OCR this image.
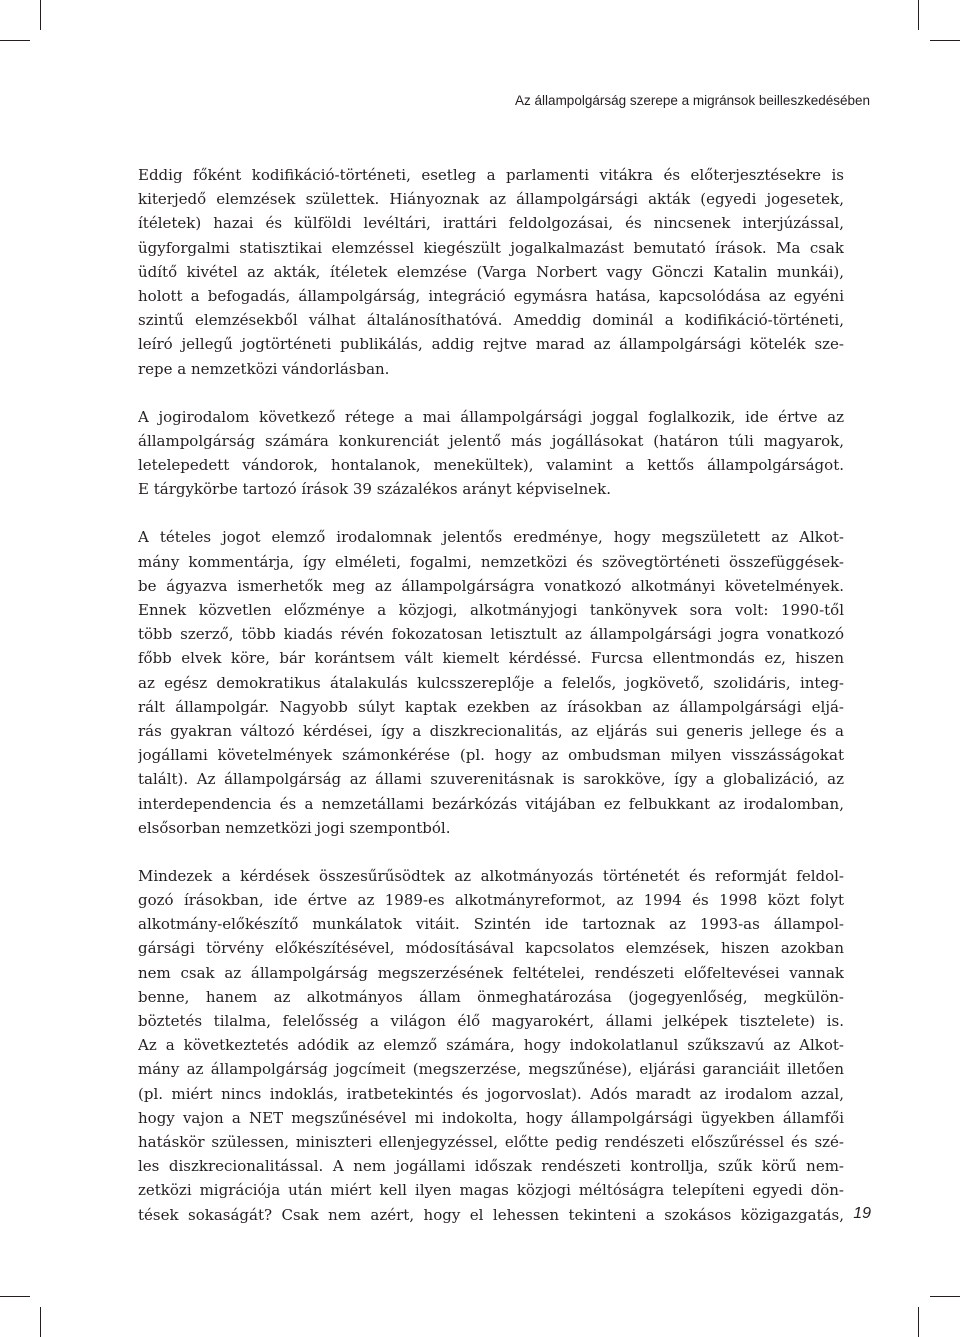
Az állampolgárság szerepe a migránsok beilleszkedésében

Eddig főként kodifikáció-történeti, esetleg a parlamenti vitákra és előterjesztésekre is
kiterjedő elemzések születtek. Hiányoznak az állampolgársági akták (egyedi jogesetek,
ítéletek) hazai és külföldi levéltári, irattári feldolgozásai, és nincsenek interjúzással,
ügyforgalmi statisztikai elemzéssel kiegészült jogalkalmazást bemutató írások. Ma csak
üdítő kivétel az akták, ítéletek elemzése (Varga Norbert vagy Gönczi Katalin munkái),
holott a befogadás, állampolgárság, integráció egymásra hatása, kapcsolódása az egyéni
szintű elemzésekből válhat általánosíthatóvá. Ameddig dominál a kodifikáció-történeti,
leíró jellegű jogtörténeti publikálás, addig rejtve marad az állampolgársági kötelék sze-
repe a nemzetközi vándorlásban.

A jogirodalom következő rétege a mai állampolgársági joggal foglalkozik, ide értve az
állampolgárság számára konkurenciát jelentő más jogállásokat (határon túli magyarok,
letelepedett vándorok, hontalanok, menekültek), valamint a kettős állampolgárságot.
E tárgykörbe tartozó írások 39 százalékos arányt képviselnek.

A tételes jogot elemző irodalomnak jelentős eredménye, hogy megszületett az Alkot-
mány kommentárja, így elméleti, fogalmi, nemzetközi és szövegtörténeti összefüggések-
be ágyazva ismerhetők meg az állampolgárságra vonatkozó alkotmányi követelmények.
Ennek közvetlen előzménye a közjogi, alkotmányjogi tankönyvek sora volt: 1990-től
több szerző, több kiadás révén fokozatosan letisztult az állampolgársági jogra vonatkozó
főbb elvek köre, bár korántsem vált kiemelt kérdéssé. Furcsa ellentmondás ez, hiszen
az egész demokratikus átalakulás kulcsszereplője a felelős, jogkövető, szolidáris, integ-
rált állampolgár. Nagyobb súlyt kaptak ezekben az írásokban az állampolgársági eljá-
rás gyakran változó kérdései, így a diszkrecionalitás, az eljárás sui generis jellege és a
jogállami követelmények számonkérése (pl. hogy az ombudsman milyen visszásságokat
talált). Az állampolgárság az állami szuverenitásnak is sarokköve, így a globalizáció, az
interdependencia és a nemzetállami bezárkózás vitájában ez felbukkant az irodalomban,
elsősorban nemzetközi jogi szempontból.

Mindezek a kérdések összesűrűsödtek az alkotmányozás történetét és reformját feldol-
gozó írásokban, ide értve az 1989-es alkotmányreformot, az 1994 és 1998 közt folyt
alkotmány-előkészítő munkálatok vitáit. Szintén ide tartoznak az 1993-as állampol-
gársági törvény előkészítésével, módosításával kapcsolatos elemzések, hiszen azokban
nem csak az állampolgárság megszerzésének feltételei, rendészeti előfeltevései vannak
benne, hanem az alkotmányos állam önmeghatározása (jogegyenlőség, megkülön-
böztetés tilalma, felelősség a világon élő magyarokért, állami jelképek tisztelete) is.
Az a következtetés adódik az elemző számára, hogy indokolatlanul szűkszavú az Alkot-
mány az állampolgárság jogcímeit (megszerzése, megszűnése), eljárási garanciáit illetően
(pl. miért nincs indoklás, iratbetekintés és jogorvoslat). Adós maradt az irodalom azzal,
hogy vajon a NET megszűnésével mi indokolta, hogy állampolgársági ügyekben államfői
hatáskör szülessen, miniszteri ellenjegyzéssel, előtte pedig rendészeti előszűréssel és szé-
les diszkrecionalitással. A nem jogállami időszak rendészeti kontrollja, szűk körű nem-
zetközi migrációja után miért kell ilyen magas közjogi méltóságra telepíteni egyedi dön-
tések sokaságát? Csak nem azért, hogy el lehessen tekinteni a szokásos közigazgatás, 19
